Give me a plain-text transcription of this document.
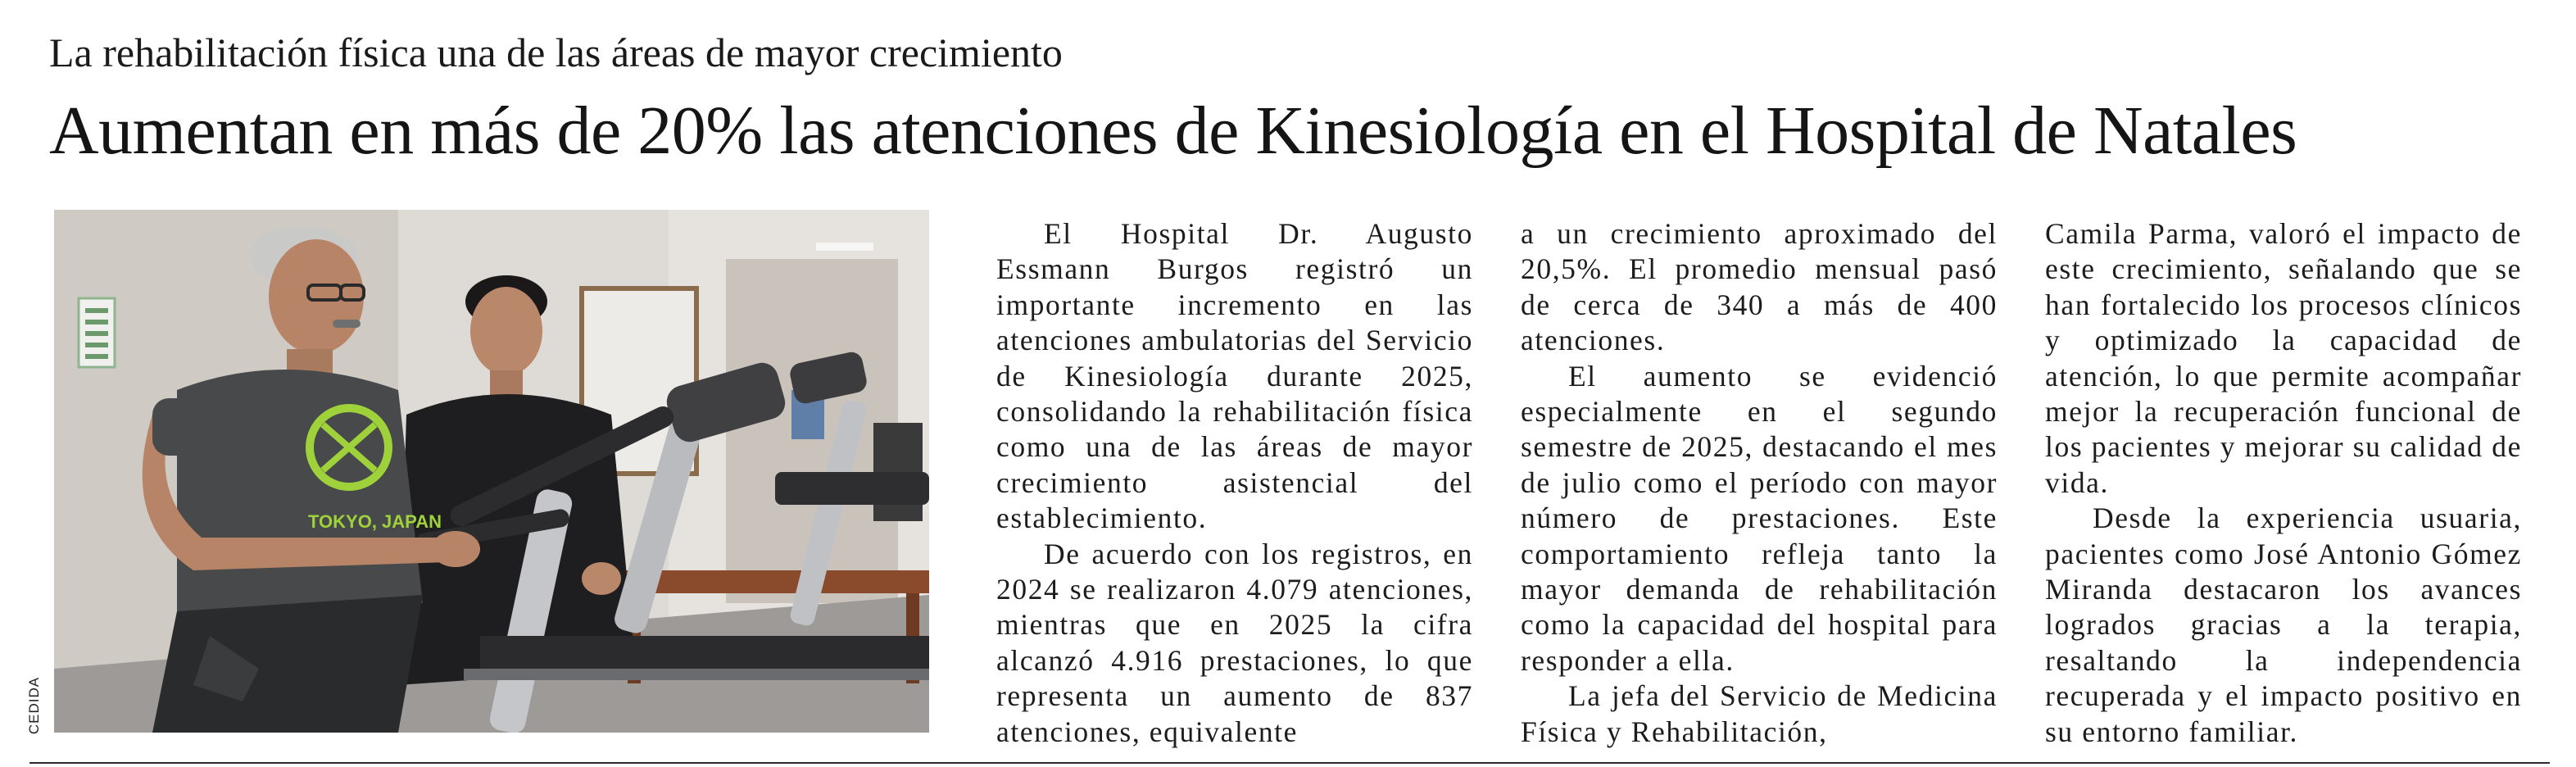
La rehabilitación física una de las áreas de mayor crecimiento
Aumentan en más de 20% las atenciones de Kinesiología en el Hospital de Natales
TOKYO, JAPAN
CEDIDA

El Hospital Dr. Augusto Essmann Burgos registró un importante incremento en las atenciones ambulatorias del Servicio de Kinesiología durante 2025, consolidando la rehabilitación física como una de las áreas de mayor crecimiento asistencial del establecimiento.

De acuerdo con los registros, en 2024 se realizaron 4.079 atenciones, mientras que en 2025 la cifra alcanzó 4.916 prestaciones, lo que representa un aumento de 837 atenciones, equivalente

a un crecimiento aproximado del 20,5%. El promedio mensual pasó de cerca de 340 a más de 400 atenciones.

El aumento se evidenció especialmente en el segundo semestre de 2025, destacando el mes de julio como el período con mayor número de prestaciones. Este comportamiento refleja tanto la mayor demanda de rehabilitación como la capacidad del hospital para responder a ella.

La jefa del Servicio de Medicina Física y Rehabilitación,

Camila Parma, valoró el impacto de este crecimiento, señalando que se han fortalecido los procesos clínicos y optimizado la capacidad de atención, lo que permite acompañar mejor la recuperación funcional de los pacientes y mejorar su calidad de vida.

Desde la experiencia usuaria, pacientes como José Antonio Gómez Miranda destacaron los avances logrados gracias a la terapia, resaltando la independencia recuperada y el impacto positivo en su entorno familiar.
